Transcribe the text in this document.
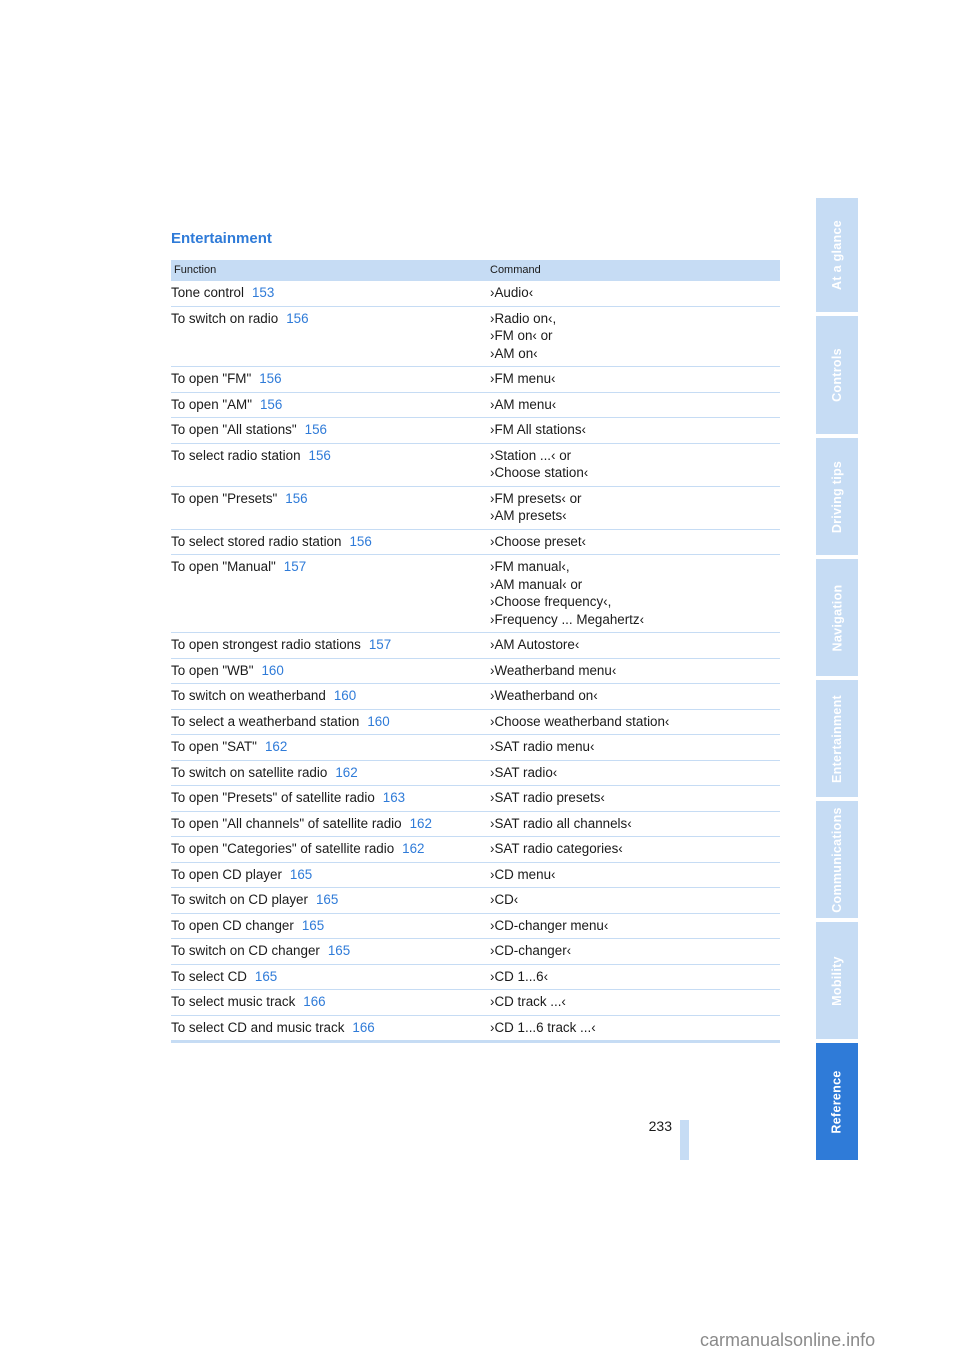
Entertainment
Function	Command
Tone control 153	›Audio‹
To switch on radio 156	›Radio on‹,
›FM on‹ or
›AM on‹
To open "FM" 156	›FM menu‹
To open "AM" 156	›AM menu‹
To open "All stations" 156	›FM All stations‹
To select radio station 156	›Station ...‹ or
›Choose station‹
To open "Presets" 156	›FM presets‹ or
›AM presets‹
To select stored radio station 156	›Choose preset‹
To open "Manual" 157	›FM manual‹,
›AM manual‹ or
›Choose frequency‹,
›Frequency ... Megahertz‹
To open strongest radio stations 157	›AM Autostore‹
To open "WB" 160	›Weatherband menu‹
To switch on weatherband 160	›Weatherband on‹
To select a weatherband station 160	›Choose weatherband station‹
To open "SAT" 162	›SAT radio menu‹
To switch on satellite radio 162	›SAT radio‹
To open "Presets" of satellite radio 163	›SAT radio presets‹
To open "All channels" of satellite radio 162	›SAT radio all channels‹
To open "Categories" of satellite radio 162	›SAT radio categories‹
To open CD player 165	›CD menu‹
To switch on CD player 165	›CD‹
To open CD changer 165	›CD-changer menu‹
To switch on CD changer 165	›CD-changer‹
To select CD 165	›CD 1...6‹
To select music track 166	›CD track ...‹
To select CD and music track 166	›CD 1...6 track ...‹
At a glance
Controls
Driving tips
Navigation
Entertainment
Communications
Mobility
Reference
233
carmanualsonline.info
